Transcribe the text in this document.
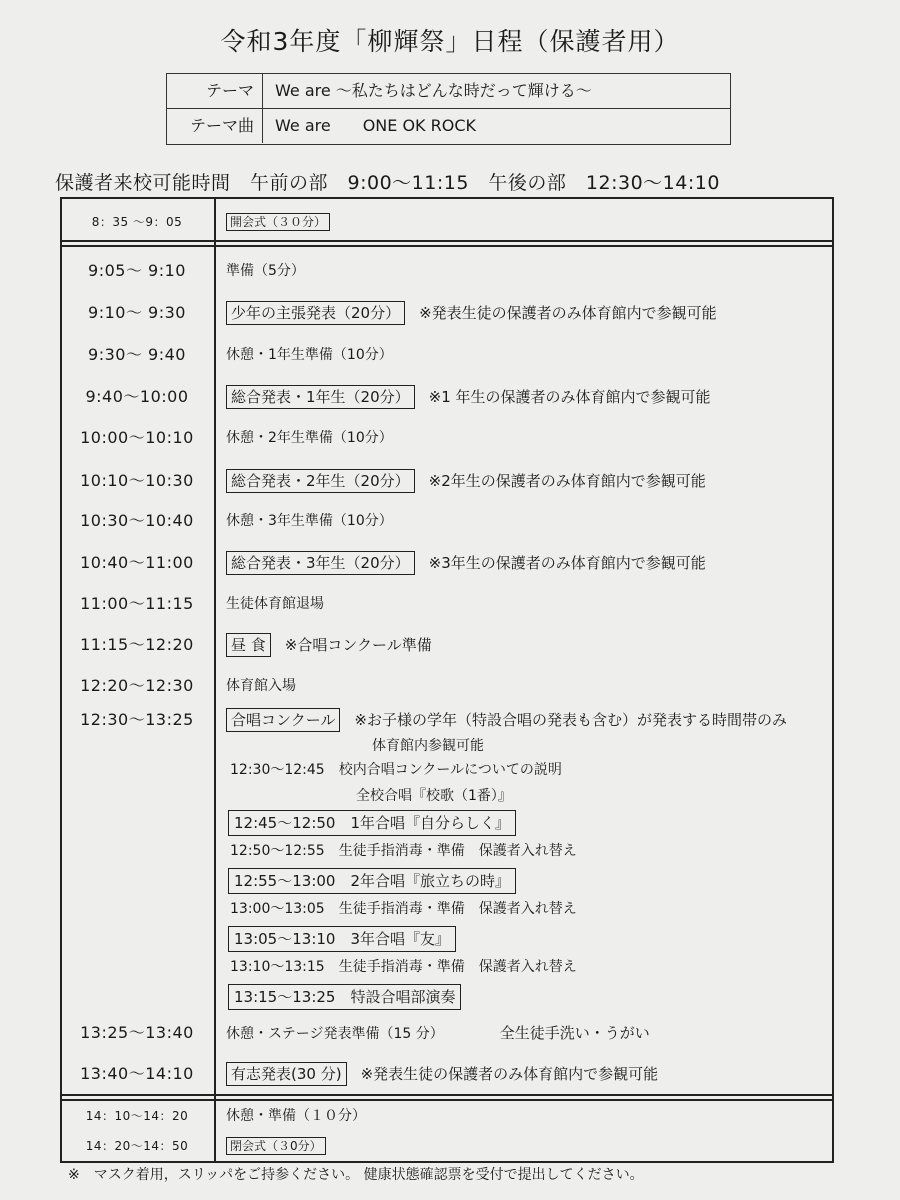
令和3年度「柳輝祭」日程（保護者用）
テーマ	We are ～私たちはどんな時だって輝ける～
テーマ曲	We are　　ONE OK ROCK
保護者来校可能時間　午前の部　9:00～11:15　午後の部　12:30～14:10
8：35 ～9：05	開会式（３０分）
9:05～ 9:10	準備（5分）
9:10～ 9:30	少年の主張発表（20分） ※発表生徒の保護者のみ体育館内で参観可能
9:30～ 9:40	休憩・1年生準備（10分）
9:40～10:00	総合発表・1年生（20分） ※1 年生の保護者のみ体育館内で参観可能
10:00～10:10	休憩・2年生準備（10分）
10:10～10:30	総合発表・2年生（20分） ※2年生の保護者のみ体育館内で参観可能
10:30～10:40	休憩・3年生準備（10分）
10:40～11:00	総合発表・3年生（20分） ※3年生の保護者のみ体育館内で参観可能
11:00～11:15	生徒体育館退場
11:15～12:20	昼 食 ※合唱コンクール準備
12:20～12:30	体育館入場
12:30～13:25	合唱コンクール ※お子様の学年（特設合唱の発表も含む）が発表する時間帯のみ
体育館内参観可能
12:30～12:45　校内合唱コンクールについての説明
全校合唱『校歌（1番）』
12:45～12:50　1年合唱『自分らしく』
12:50～12:55　生徒手指消毒・準備　保護者入れ替え
12:55～13:00　2年合唱『旅立ちの時』
13:00～13:05　生徒手指消毒・準備　保護者入れ替え
13:05～13:10　3年合唱『友』
13:10～13:15　生徒手指消毒・準備　保護者入れ替え
13:15～13:25　特設合唱部演奏
13:25～13:40	休憩・ステージ発表準備（15 分）	全生徒手洗い・うがい
13:40～14:10	有志発表(30 分) ※発表生徒の保護者のみ体育館内で参観可能
14：10～14：20	休憩・準備（１０分）
14：20～14：50	閉会式（３0分）
※　マスク着用，スリッパをご持参ください。 健康状態確認票を受付で提出してください。
